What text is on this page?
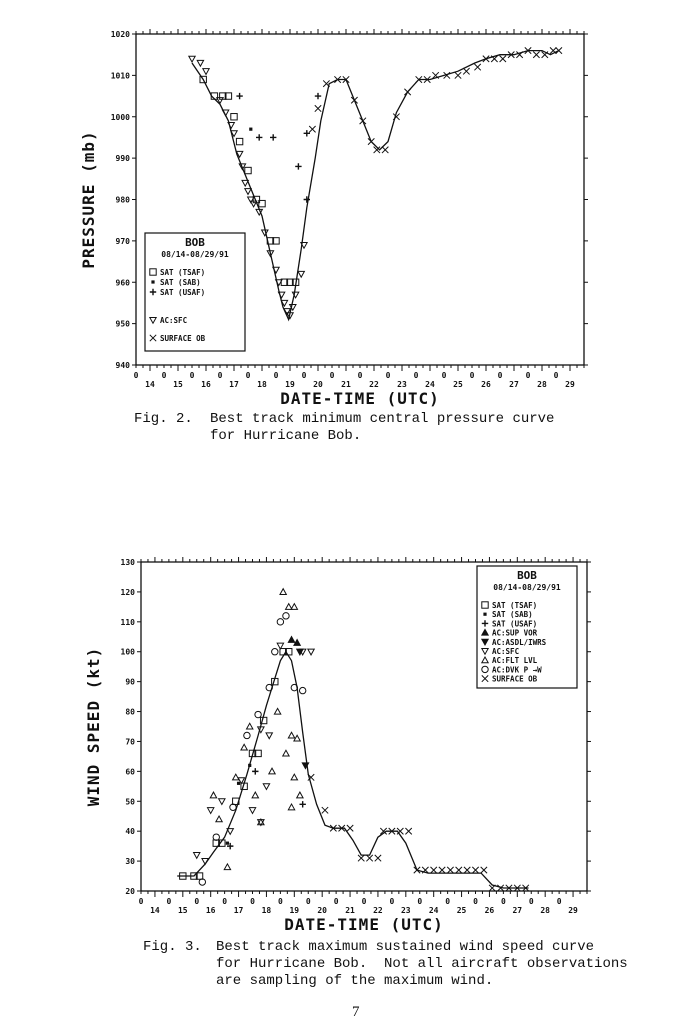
940
950
960
970
980
990
1000
1010
1020
0
14
0
15
0
16
0
17
0
18
0
19
0
20
0
21
0
22
0
23
0
24
0
25
0
26
0
27
0
28
0
29
DATE-TIME (UTC)
PRESSURE (mb)	BOB
08/14-08/29/91
SAT (TSAF)
SAT (SAB)
SAT (USAF)
AC:SFC
SURFACE OB
Fig. 2. Best track minimum central pressure curve
for Hurricane Bob.
20
30
40
50
60
70
80
90
100
110
120
130
0
14
0
15
0
16
0
17
0
18
0
19
0
20
0
21
0
22
0
23
0
24
0
25
0
26
0
27
0
28
0
29
DATE-TIME (UTC)
WIND SPEED (kt)
BOB
08/14-08/29/91
SAT (TSAF)
SAT (SAB)
SAT (USAF)
AC:SUP VOR
AC:ASDL/IWRS
AC:SFC
AC:FLT LVL
AC:DVK P →W
SURFACE OB
Fig. 3. Best track maximum sustained wind speed curve
for Hurricane Bob.  Not all aircraft observations
are sampling of the maximum wind.
7
